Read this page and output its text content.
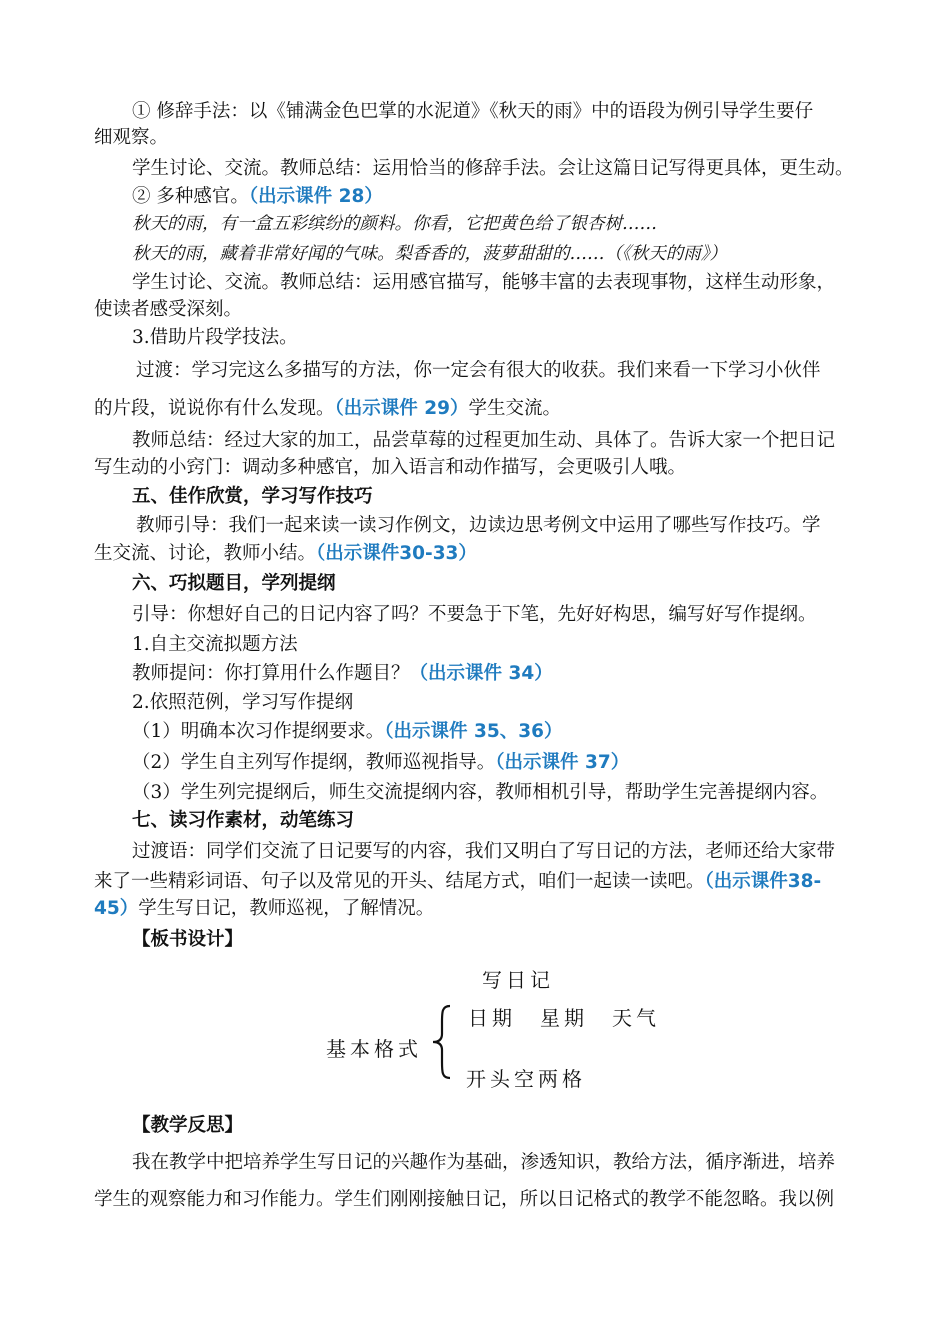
① 修辞手法：以《铺满金色巴掌的水泥道》《秋天的雨》中的语段为例引导学生要仔
细观察。
学生讨论、交流。教师总结：运用恰当的修辞手法。会让这篇日记写得更具体，更生动。
② 多种感官。（出示课件 28）
秋天的雨，有一盒五彩缤纷的颜料。你看，它把黄色给了银杏树……
秋天的雨，藏着非常好闻的气味。梨香香的，菠萝甜甜的……（《秋天的雨》）
学生讨论、交流。教师总结：运用感官描写，能够丰富的去表现事物，这样生动形象，
使读者感受深刻。
3.借助片段学技法。
过渡：学习完这么多描写的方法，你一定会有很大的收获。我们来看一下学习小伙伴
的片段，说说你有什么发现。（出示课件 29）学生交流。
教师总结：经过大家的加工，品尝草莓的过程更加生动、具体了。告诉大家一个把日记
写生动的小窍门：调动多种感官，加入语言和动作描写，会更吸引人哦。
五、佳作欣赏，学习写作技巧
教师引导：我们一起来读一读习作例文，边读边思考例文中运用了哪些写作技巧。学
生交流、讨论，教师小结。（出示课件30-33）
六、巧拟题目，学列提纲
引导：你想好自己的日记内容了吗？不要急于下笔，先好好构思，编写好写作提纲。
1.自主交流拟题方法
教师提问：你打算用什么作题目？（出示课件 34）
2.依照范例，学习写作提纲
（1）明确本次习作提纲要求。（出示课件 35、36）
（2）学生自主列写作提纲，教师巡视指导。（出示课件 37）
（3）学生列完提纲后，师生交流提纲内容，教师相机引导，帮助学生完善提纲内容。
七、读习作素材，动笔练习
过渡语：同学们交流了日记要写的内容，我们又明白了写日记的方法，老师还给大家带
来了一些精彩词语、句子以及常见的开头、结尾方式，咱们一起读一读吧。（出示课件38-
45）学生写日记，教师巡视，了解情况。
【板书设计】
写日记
日期　星期　天气
基本格式
开头空两格
【教学反思】
我在教学中把培养学生写日记的兴趣作为基础，渗透知识，教给方法，循序渐进，培养
学生的观察能力和习作能力。学生们刚刚接触日记，所以日记格式的教学不能忽略。我以例
